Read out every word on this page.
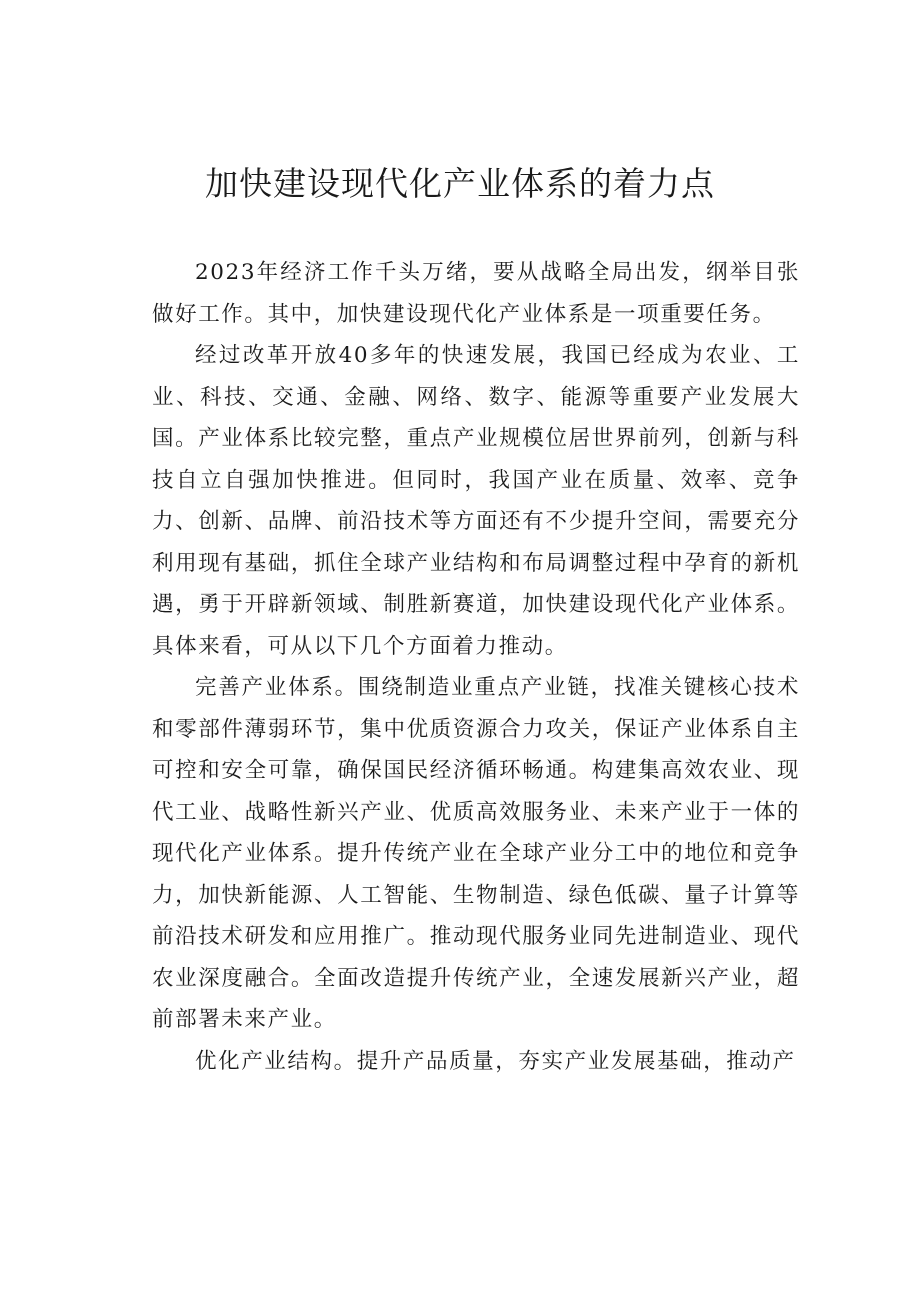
加快建设现代化产业体系的着力点

2023年经济工作千头万绪，要从战略全局出发，纲举目张做好工作。其中，加快建设现代化产业体系是一项重要任务。

经过改革开放40多年的快速发展，我国已经成为农业、工业、科技、交通、金融、网络、数字、能源等重要产业发展大国。产业体系比较完整，重点产业规模位居世界前列，创新与科技自立自强加快推进。但同时，我国产业在质量、效率、竞争力、创新、品牌、前沿技术等方面还有不少提升空间，需要充分利用现有基础，抓住全球产业结构和布局调整过程中孕育的新机遇，勇于开辟新领域、制胜新赛道，加快建设现代化产业体系。具体来看，可从以下几个方面着力推动。

完善产业体系。围绕制造业重点产业链，找准关键核心技术和零部件薄弱环节，集中优质资源合力攻关，保证产业体系自主可控和安全可靠，确保国民经济循环畅通。构建集高效农业、现代工业、战略性新兴产业、优质高效服务业、未来产业于一体的现代化产业体系。提升传统产业在全球产业分工中的地位和竞争力，加快新能源、人工智能、生物制造、绿色低碳、量子计算等前沿技术研发和应用推广。推动现代服务业同先进制造业、现代农业深度融合。全面改造提升传统产业，全速发展新兴产业，超前部署未来产业。

优化产业结构。提升产品质量，夯实产业发展基础，推动产
